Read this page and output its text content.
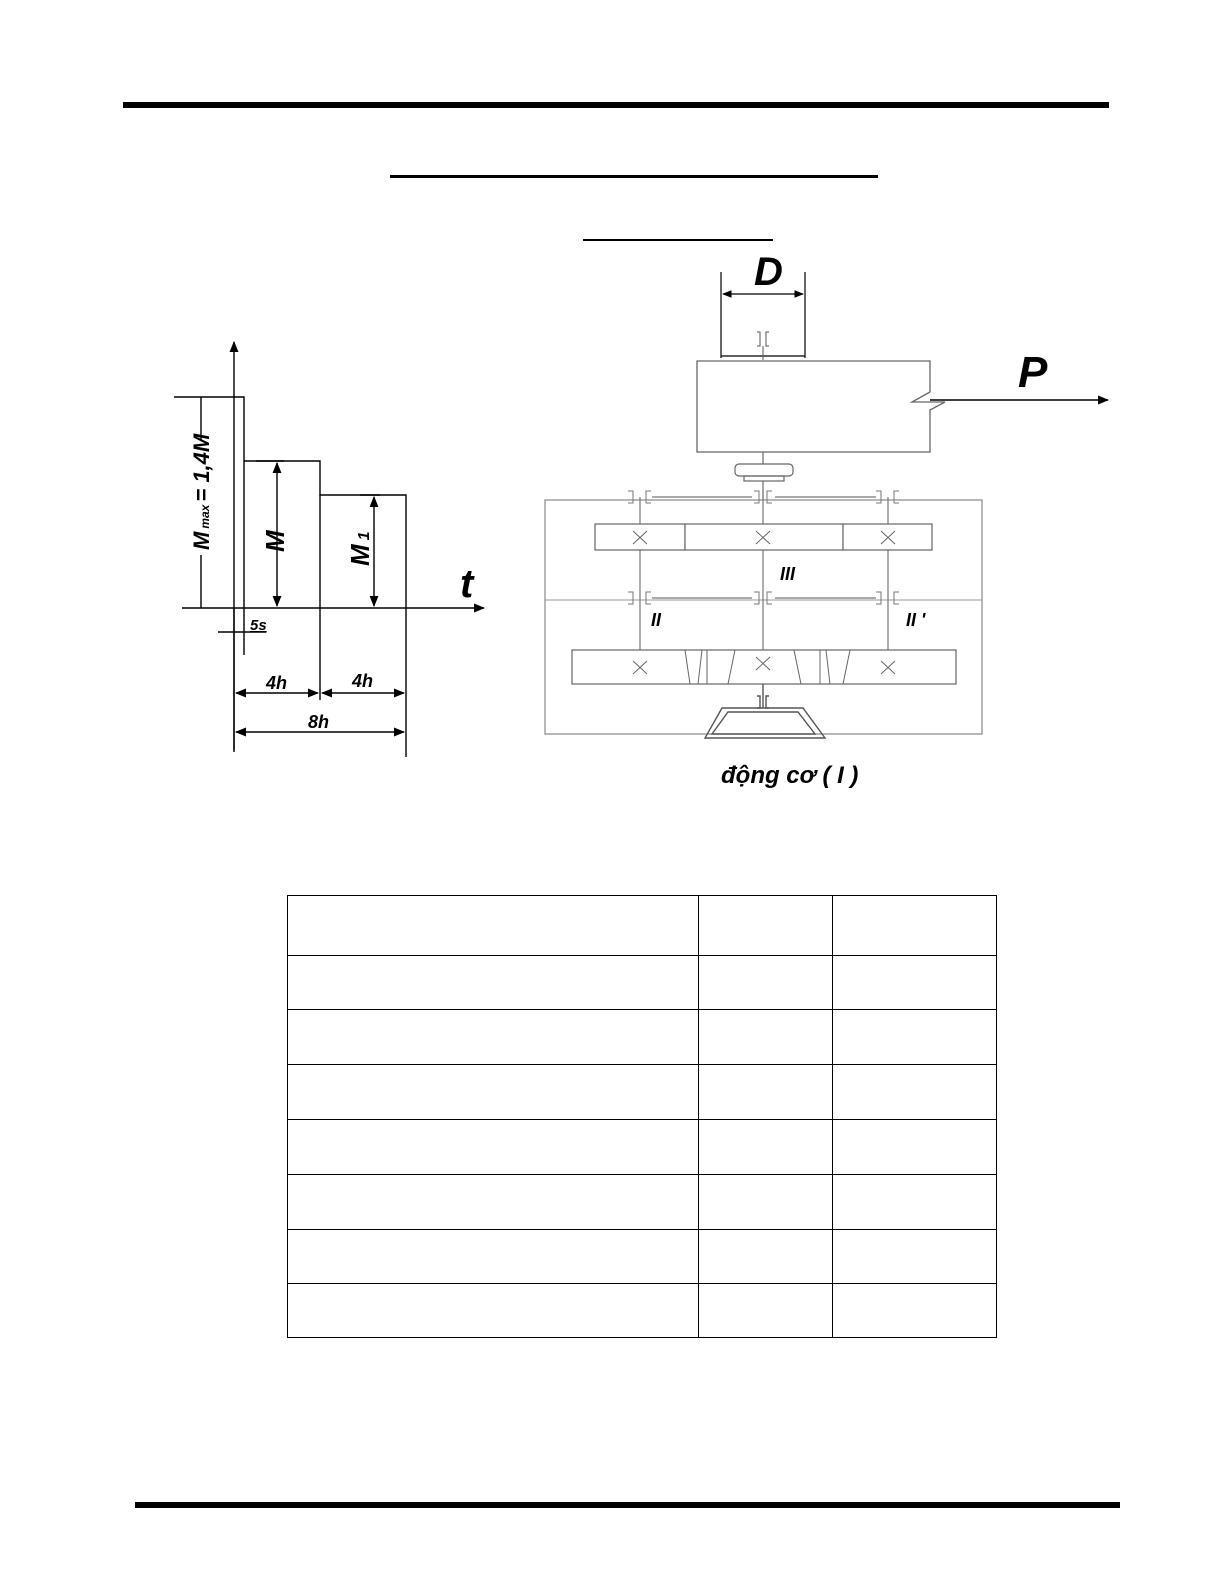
t
Mmax= 1,4M
M
M1
5s
4h	4h
8h
D
P
III
II	II '
động cơ ( I )
